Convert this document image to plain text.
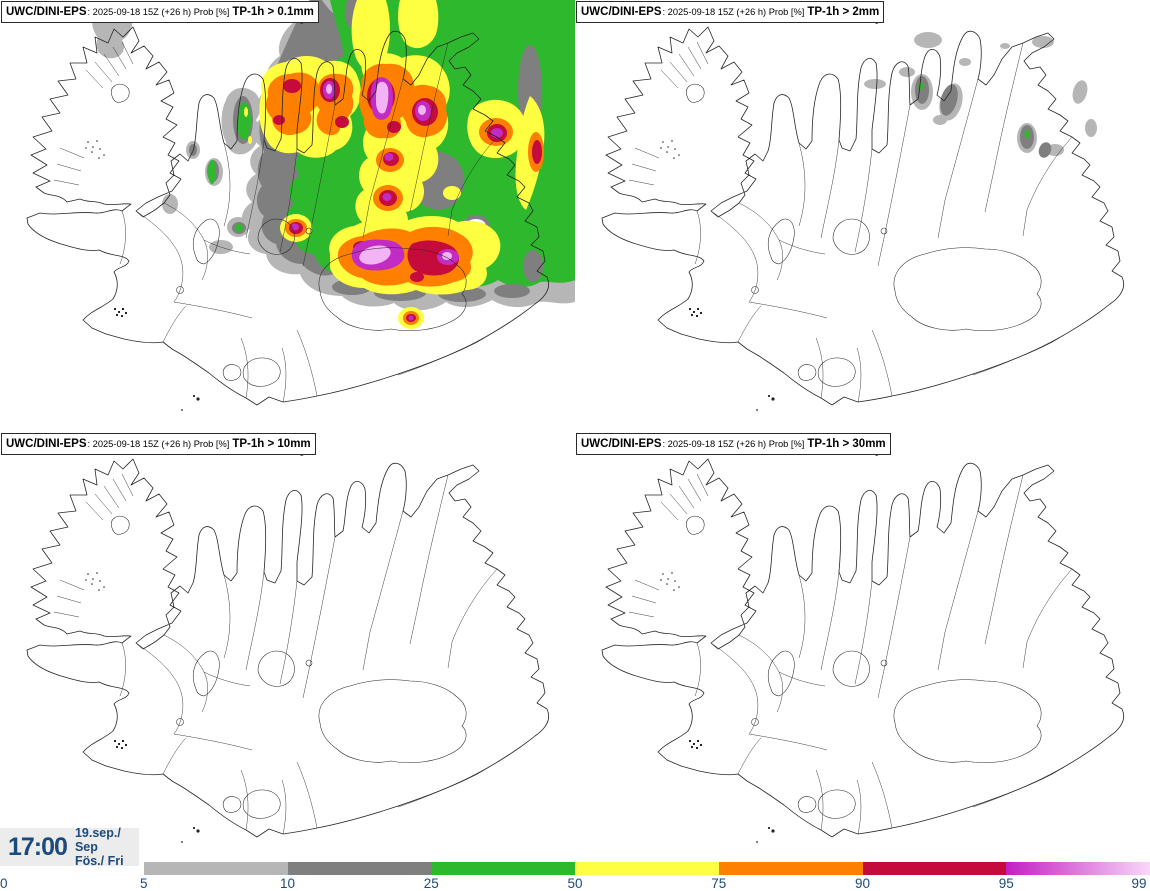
UWC/DINI-EPS: 2025-09-18 15Z (+26 h) Prob [%] TP-1h > 0.1mm	UWC/DINI-EPS: 2025-09-18 15Z (+26 h) Prob [%] TP-1h > 2mm
UWC/DINI-EPS: 2025-09-18 15Z (+26 h) Prob [%] TP-1h > 10mm	UWC/DINI-EPS: 2025-09-18 15Z (+26 h) Prob [%] TP-1h > 30mm
17:00 19.sep./ Sep
Fös./ Fri
0	5	10	25	50	75	90	95	99
